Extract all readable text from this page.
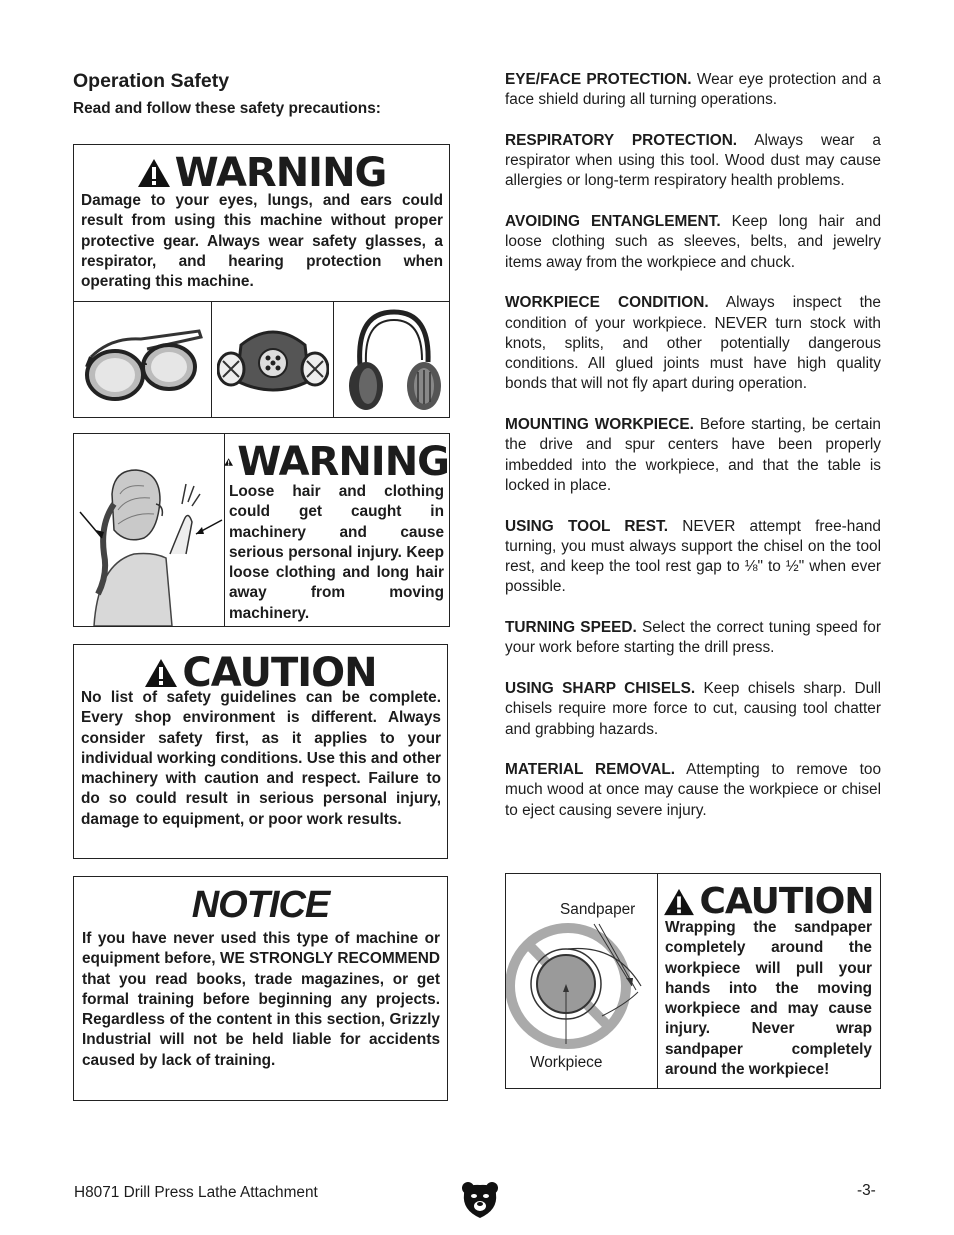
Operation Safety
Read and follow these safety precautions:
WARNING
Damage to your eyes, lungs, and ears could result from using this machine without proper protective gear. Always wear safety glasses, a respirator, and hearing protection when operating this machine.
WARNING
Loose hair and clothing could get caught in machinery and cause serious personal injury. Keep loose clothing and long hair away from moving machinery.
CAUTION
No list of safety guidelines can be complete. Every shop environment is different. Always consider safety first, as it applies to your individual working conditions. Use this and other machinery with caution and respect. Failure to do so could result in serious personal injury, damage to equipment, or poor work results.
NOTICE
If you have never used this type of machine or equipment before, WE STRONGLY RECOMMEND that you read books, trade magazines, or get formal training before beginning any projects. Regardless of the content in this section, Grizzly Industrial will not be held liable for accidents caused by lack of training.

EYE/FACE PROTECTION. Wear eye protection and a face shield during all turning operations.

RESPIRATORY PROTECTION. Always wear a respirator when using this tool. Wood dust may cause allergies or long-term respiratory health problems.

AVOIDING ENTANGLEMENT. Keep long hair and loose clothing such as sleeves, belts, and jewelry items away from the workpiece and chuck.

WORKPIECE CONDITION. Always inspect the condition of your workpiece. NEVER turn stock with knots, splits, and other potentially dangerous conditions. All glued joints must have high quality bonds that will not fly apart during operation.

MOUNTING WORKPIECE. Before starting, be certain the drive and spur centers have been properly imbedded into the workpiece, and that the table is locked in place.

USING TOOL REST. NEVER attempt free-hand turning, you must always support the chisel on the tool rest, and keep the tool rest gap to ⅛" to ½" when ever possible.

TURNING SPEED. Select the correct tuning speed for your work before starting the drill press.

USING SHARP CHISELS. Keep chisels sharp. Dull chisels require more force to cut, causing tool chatter and grabbing hazards.

MATERIAL REMOVAL. Attempting to remove too much wood at once may cause the workpiece or chisel to eject causing severe injury.

Sandpaper
Workpiece
CAUTION
Wrapping the sandpaper completely around the workpiece will pull your hands into the moving workpiece and may cause injury. Never wrap sandpaper completely around the workpiece!
H8071 Drill Press Lathe Attachment	-3-
